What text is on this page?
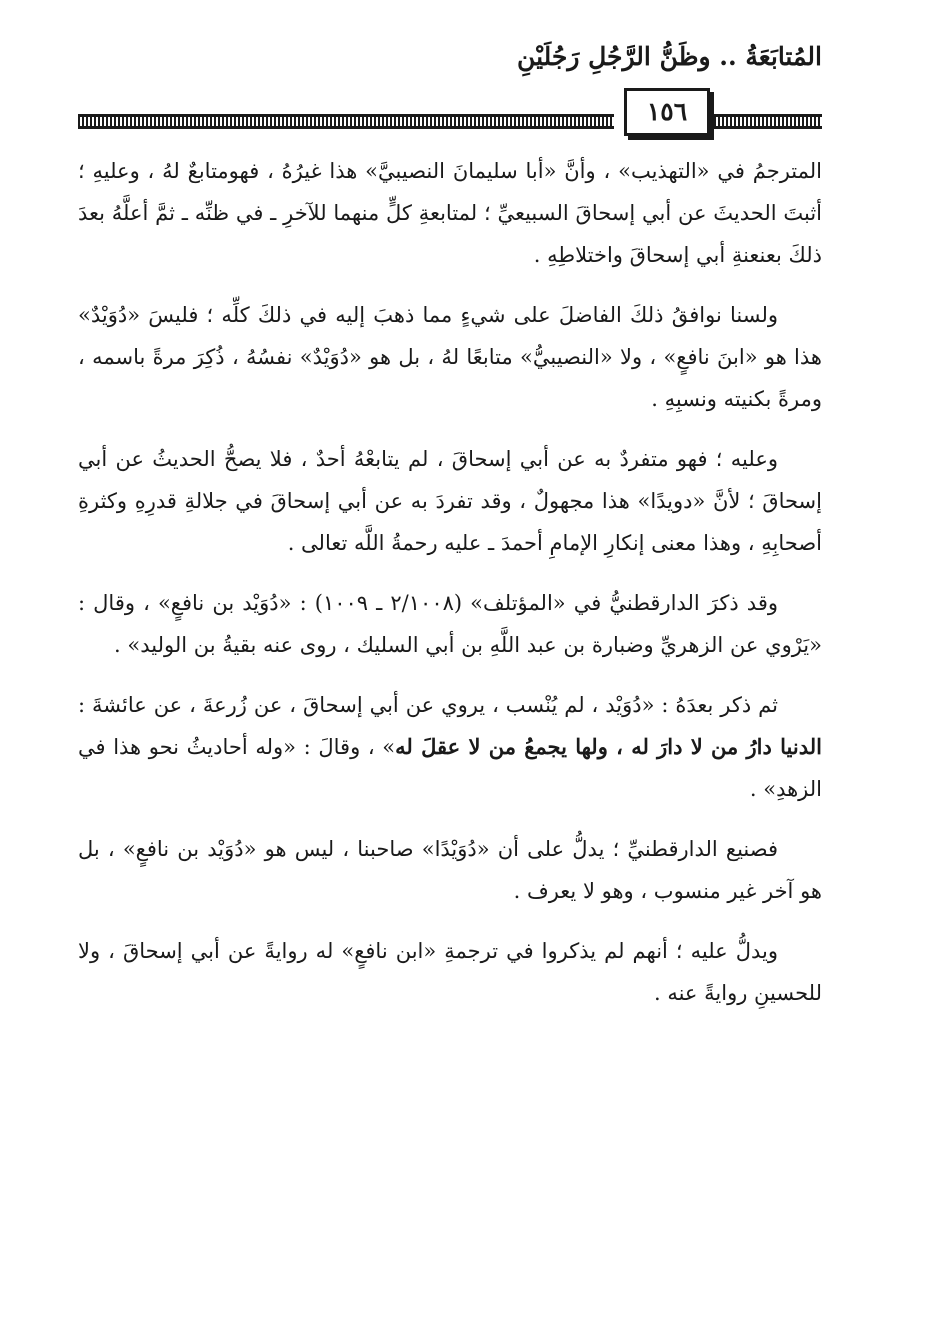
المُتابَعَةُ .. وظَنُّ الرَّجُلِ رَجُلَيْنِ
١٥٦

المترجمُ في «التهذيب» ، وأنَّ «أبا سليمانَ النصيبيَّ» هذا غيرُهُ ، فهومتابعٌ لهُ ، وعليهِ ؛ أثبتَ الحديثَ عن أبي إسحاقَ السبيعيِّ ؛ لمتابعةِ كلٍّ منهما للآخرِ ـ في ظنِّه ـ ثمَّ أعلَّهُ بعدَ ذلكَ بعنعنةِ أبي إسحاقَ واختلاطِهِ .

ولسنا نوافقُ ذلكَ الفاضلَ على شيءٍ مما ذهبَ إليه في ذلكَ كلِّه ؛ فليسَ «دُوَيْدٌ» هذا هو «ابنَ نافعٍ» ، ولا «النصيبيُّ» متابعًا لهُ ، بل هو «دُوَيْدٌ» نفسُهُ ، ذُكِرَ مرةً باسمه ، ومرةً بكنيته ونسبِهِ .

وعليه ؛ فهو متفردٌ به عن أبي إسحاقَ ، لم يتابعْهُ أحدٌ ، فلا يصحُّ الحديثُ عن أبي إسحاقَ ؛ لأنَّ «دويدًا» هذا مجهولٌ ، وقد تفردَ به عن أبي إسحاقَ في جلالةِ قدرِهِ وكثرةِ أصحابِهِ ، وهذا معنى إنكارِ الإمامِ أحمدَ ـ عليه رحمةُ اللَّه تعالى .

وقد ذكرَ الدارقطنيُّ في «المؤتلف» (٢/١٠٠٨ ـ ١٠٠٩) : «دُوَيْد بن نافعٍ» ، وقال : «يَرْوي عن الزهريِّ وضبارة بن عبد اللَّهِ بن أبي السليك ، روى عنه بقيةُ بن الوليد» .

ثم ذكر بعدَهُ : «دُوَيْد ، لم يُنْسب ، يروي عن أبي إسحاقَ ، عن زُرعةَ ، عن عائشةَ : الدنيا دارُ من لا دارَ له ، ولها يجمعُ من لا عقلَ له» ، وقالَ : «وله أحاديثُ نحو هذا في الزهدِ» .

فصنيع الدارقطنيِّ ؛ يدلُّ على أن «دُوَيْدًا» صاحبنا ، ليس هو «دُوَيْد بن نافعٍ» ، بل هو آخر غير منسوب ، وهو لا يعرف .

ويدلُّ عليه ؛ أنهم لم يذكروا في ترجمةِ «ابن نافعٍ» له روايةً عن أبي إسحاقَ ، ولا للحسينِ روايةً عنه .
